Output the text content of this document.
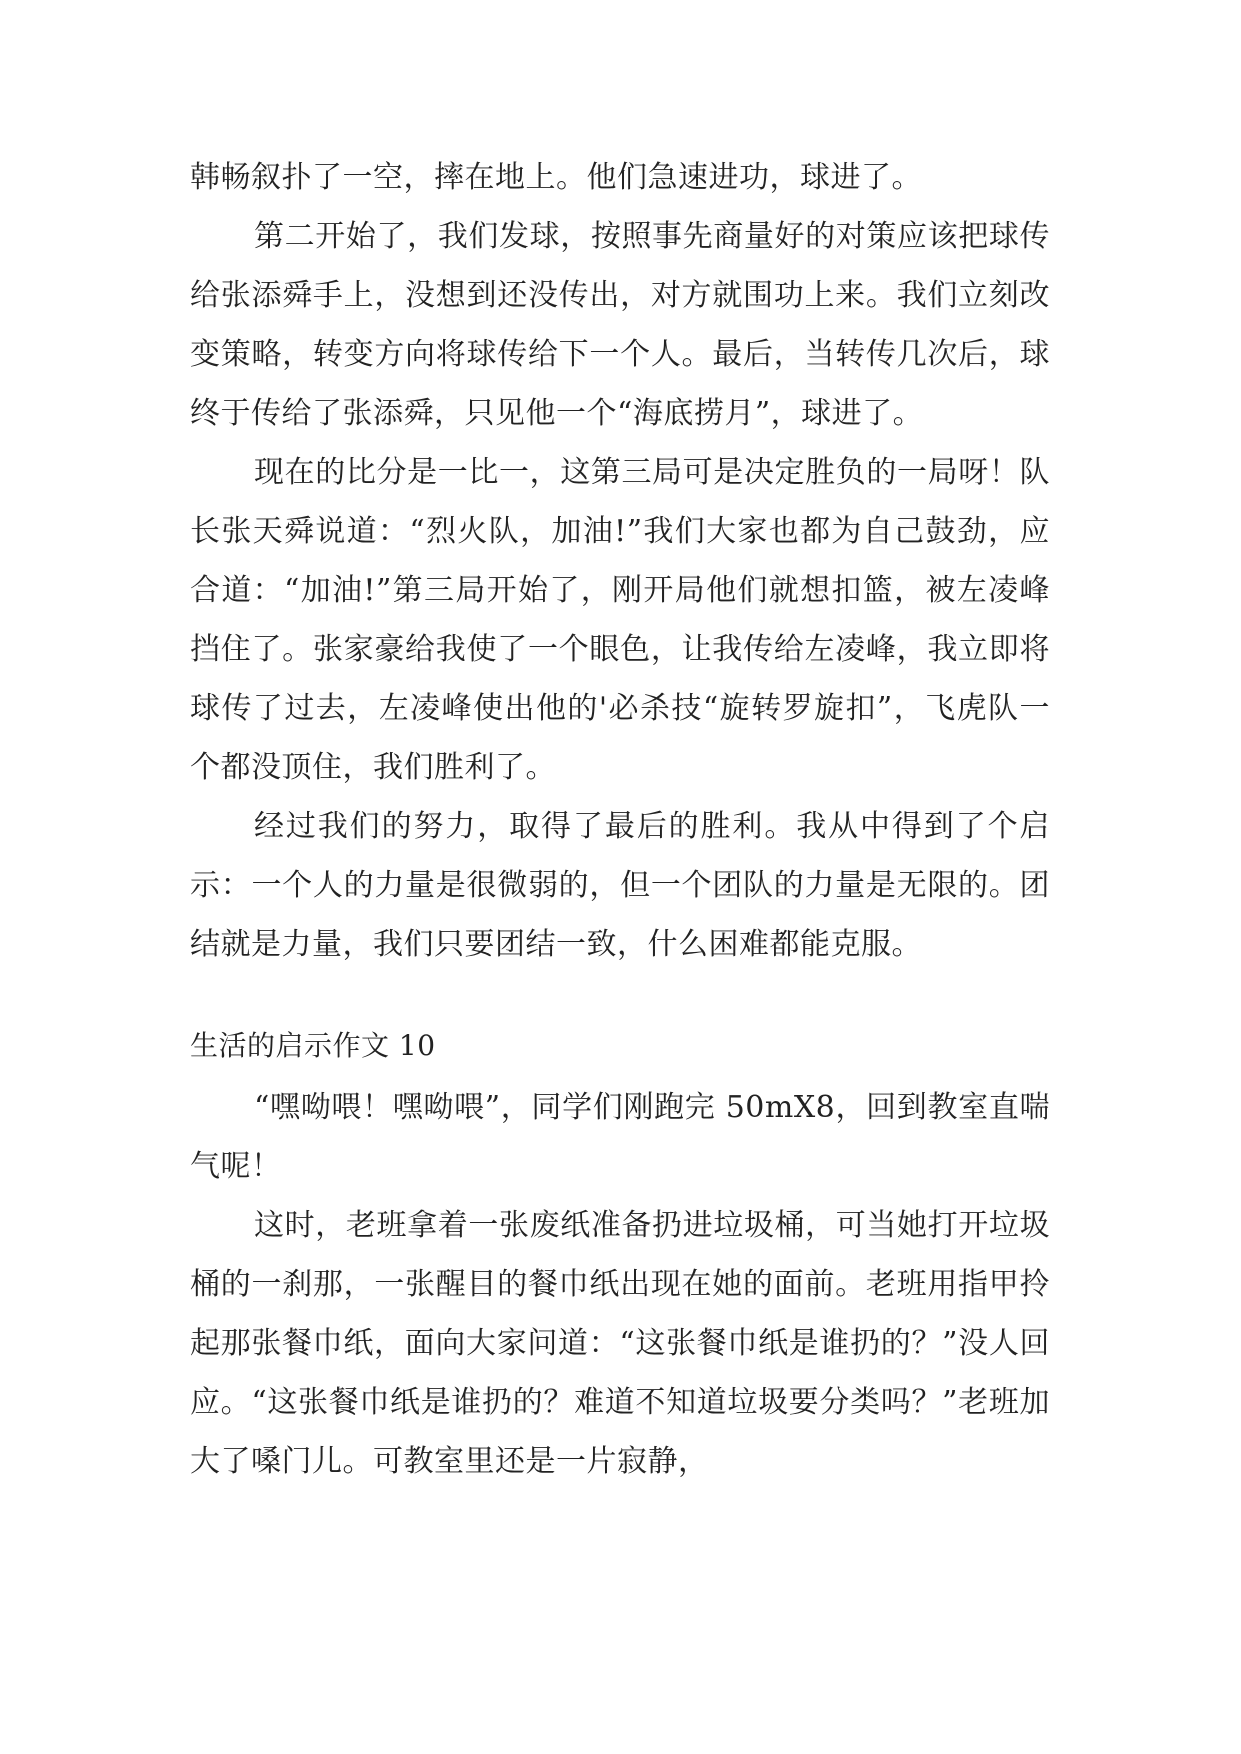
韩畅叙扑了一空，摔在地上。他们急速进功，球进了。

第二开始了，我们发球，按照事先商量好的对策应该把球传给张添舜手上，没想到还没传出，对方就围功上来。我们立刻改变策略，转变方向将球传给下一个人。最后，当转传几次后，球终于传给了张添舜，只见他一个“海底捞月”，球进了。

现在的比分是一比一，这第三局可是决定胜负的一局呀！队长张天舜说道：“烈火队，加油!”我们大家也都为自己鼓劲，应合道：“加油!”第三局开始了，刚开局他们就想扣篮，被左凌峰挡住了。张家豪给我使了一个眼色，让我传给左凌峰，我立即将球传了过去，左凌峰使出他的'必杀技“旋转罗旋扣”，飞虎队一个都没顶住，我们胜利了。

经过我们的努力，取得了最后的胜利。我从中得到了个启示：一个人的力量是很微弱的，但一个团队的力量是无限的。团结就是力量，我们只要团结一致，什么困难都能克服。

生活的启示作文 10

“嘿呦喂！嘿呦喂”，同学们刚跑完 50mX8，回到教室直喘气呢！

这时，老班拿着一张废纸准备扔进垃圾桶，可当她打开垃圾桶的一刹那，一张醒目的餐巾纸出现在她的面前。老班用指甲拎起那张餐巾纸，面向大家问道：“这张餐巾纸是谁扔的？”没人回应。“这张餐巾纸是谁扔的？难道不知道垃圾要分类吗？”老班加大了嗓门儿。可教室里还是一片寂静，
